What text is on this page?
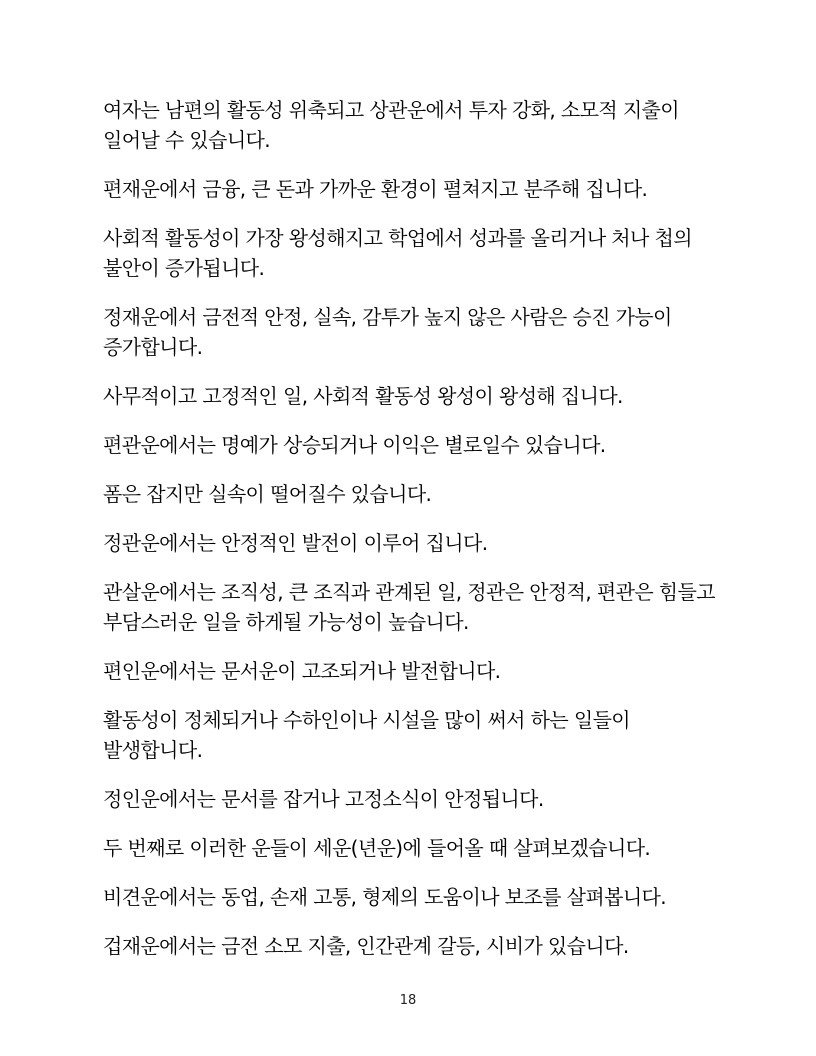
여자는 남편의 활동성 위축되고 상관운에서 투자 강화, 소모적 지출이 일어날 수 있습니다.

편재운에서 금융, 큰 돈과 가까운 환경이 펼쳐지고 분주해 집니다.

사회적 활동성이 가장 왕성해지고 학업에서 성과를 올리거나 처나 첩의 불안이 증가됩니다.

정재운에서 금전적 안정, 실속, 감투가 높지 않은 사람은 승진 가능이 증가합니다.

사무적이고 고정적인 일, 사회적 활동성 왕성이 왕성해 집니다.

편관운에서는 명예가 상승되거나 이익은 별로일수 있습니다.

폼은 잡지만 실속이 떨어질수 있습니다.

정관운에서는 안정적인 발전이 이루어 집니다.

관살운에서는 조직성, 큰 조직과 관계된 일, 정관은 안정적, 편관은 힘들고 부담스러운 일을 하게될 가능성이 높습니다.

편인운에서는 문서운이 고조되거나 발전합니다.

활동성이 정체되거나 수하인이나 시설을 많이 써서 하는 일들이 발생합니다.

정인운에서는 문서를 잡거나 고정소식이 안정됩니다.

두 번째로 이러한 운들이 세운(년운)에 들어올 때 살펴보겠습니다.

비견운에서는 동업, 손재 고통, 형제의 도움이나 보조를 살펴봅니다.

겁재운에서는 금전 소모 지출, 인간관계 갈등, 시비가 있습니다.

18
